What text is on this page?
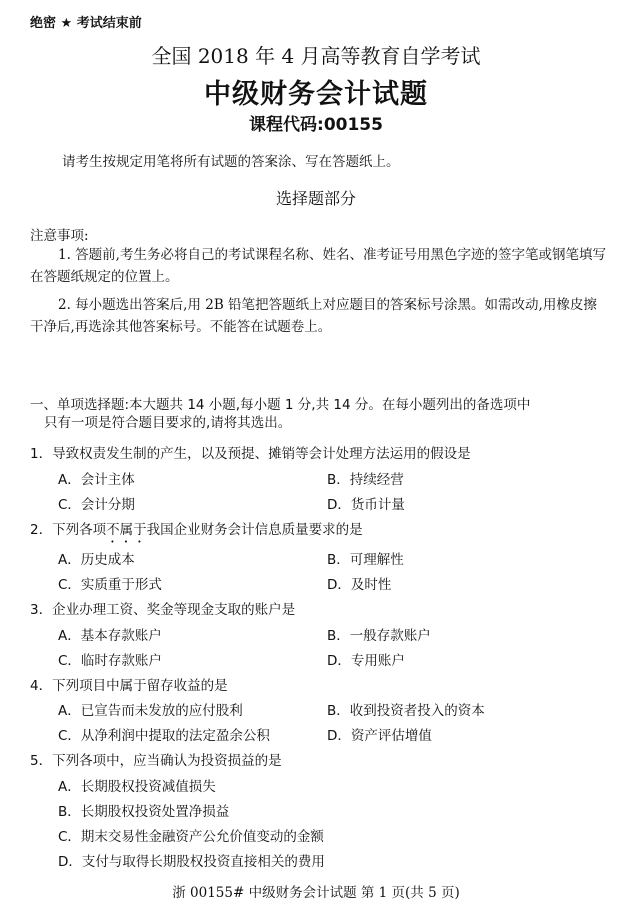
绝密 ★ 考试结束前
全国 2018 年 4 月高等教育自学考试
中级财务会计试题
课程代码:00155
请考生按规定用笔将所有试题的答案涂、写在答题纸上。
选择题部分
注意事项:
1. 答题前,考生务必将自己的考试课程名称、姓名、准考证号用黑色字迹的签字笔或钢笔填写在答题纸规定的位置上。
2. 每小题选出答案后,用 2B 铅笔把答题纸上对应题目的答案标号涂黑。如需改动,用橡皮擦干净后,再选涂其他答案标号。不能答在试题卷上。
一、单项选择题:本大题共 14 小题,每小题 1 分,共 14 分。在每小题列出的备选项中
只有一项是符合题目要求的,请将其选出。
1．导致权责发生制的产生，以及预提、摊销等会计处理方法运用的假设是
A．会计主体	B．持续经营
C．会计分期	D．货币计量
2．下列各项不属于我国企业财务会计信息质量要求的是
A．历史成本	B．可理解性
C．实质重于形式	D．及时性
3．企业办理工资、奖金等现金支取的账户是
A．基本存款账户	B．一般存款账户
C．临时存款账户	D．专用账户
4．下列项目中属于留存收益的是
A．已宣告而未发放的应付股利	B．收到投资者投入的资本
C．从净利润中提取的法定盈余公积	D．资产评估增值
5．下列各项中，应当确认为投资损益的是
A．长期股权投资减值损失
B．长期股权投资处置净损益
C．期末交易性金融资产公允价值变动的金额
D．支付与取得长期股权投资直接相关的费用
浙 00155# 中级财务会计试题 第 1 页(共 5 页)
